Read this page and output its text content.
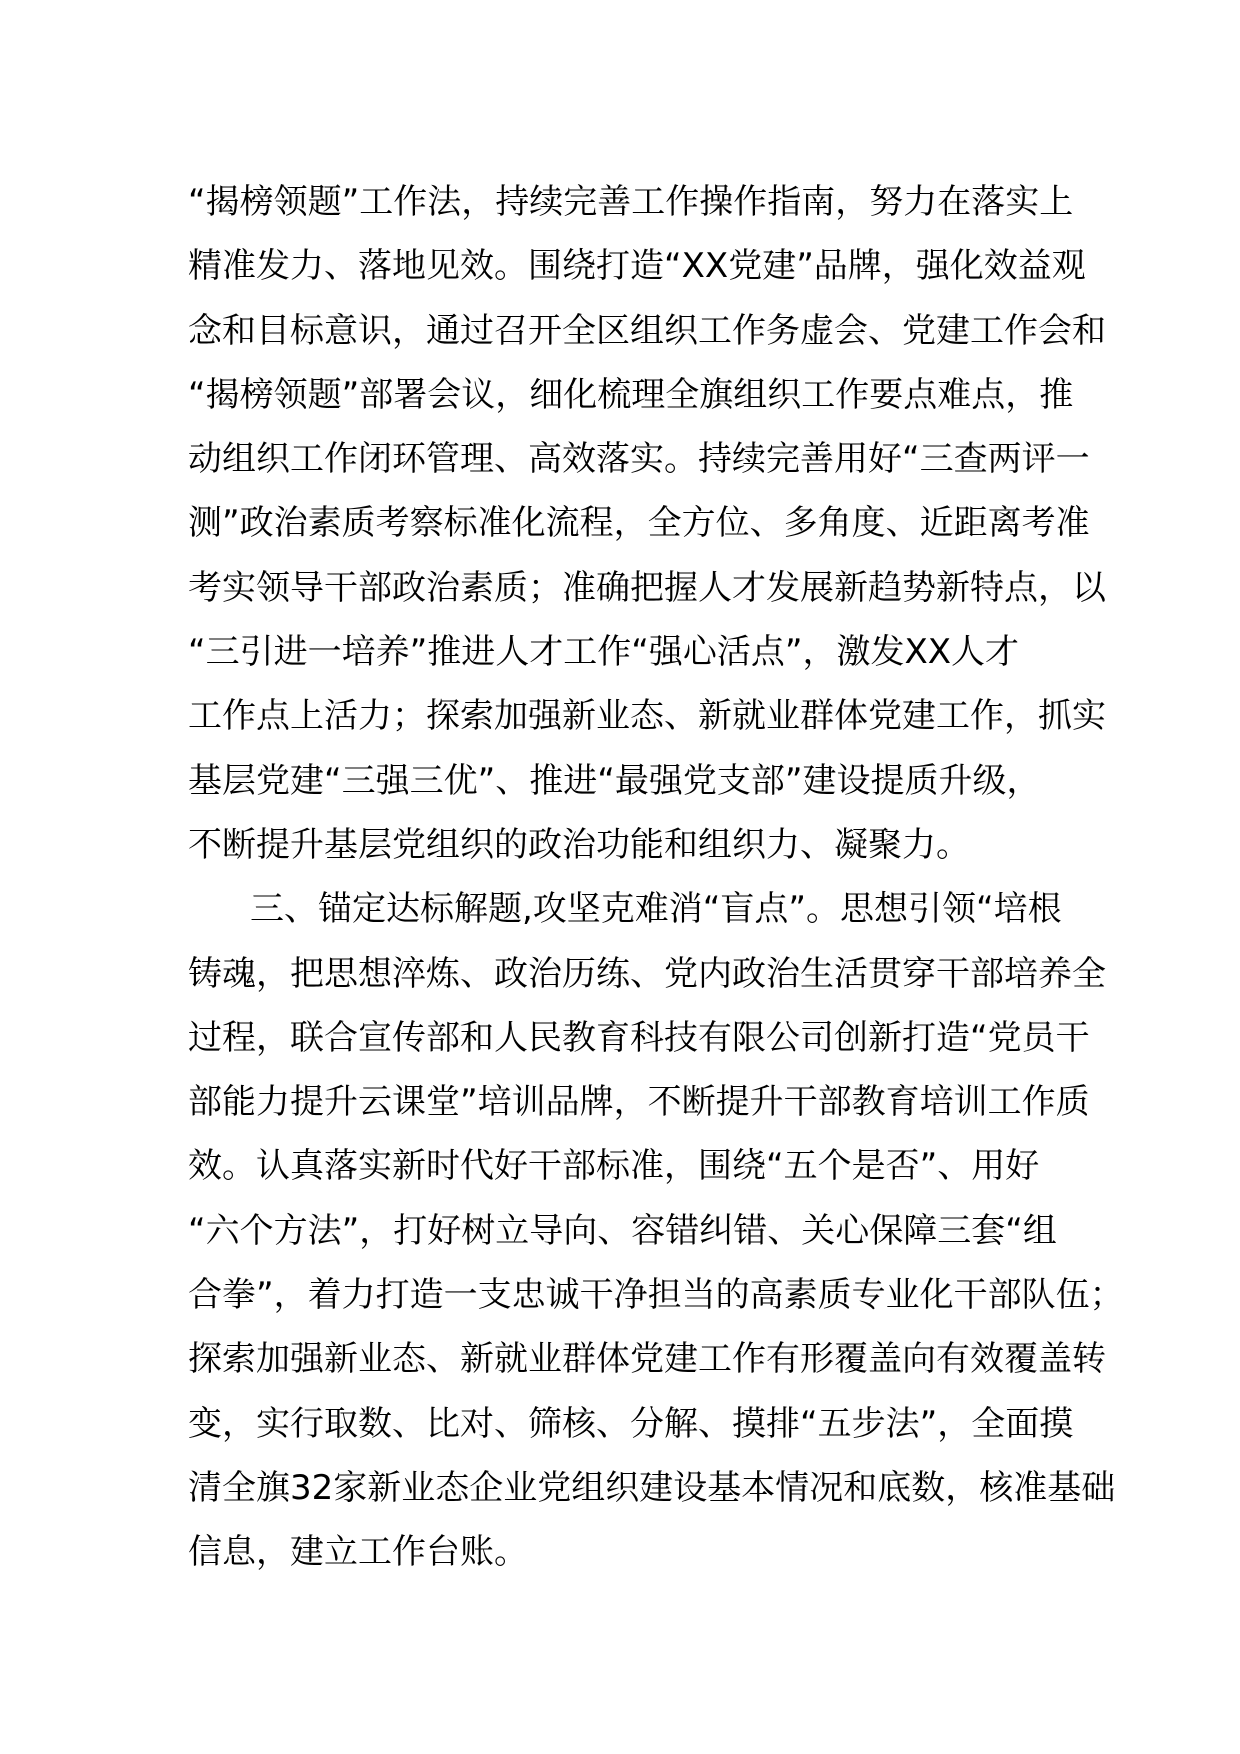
“揭榜领题”工作法，持续完善工作操作指南，努力在落实上
精准发力、落地见效。围绕打造“XX党建”品牌，强化效益观
念和目标意识，通过召开全区组织工作务虚会、党建工作会和
“揭榜领题”部署会议，细化梳理全旗组织工作要点难点，推
动组织工作闭环管理、高效落实。持续完善用好“三查两评一
测”政治素质考察标准化流程，全方位、多角度、近距离考准
考实领导干部政治素质；准确把握人才发展新趋势新特点，以
“三引进一培养”推进人才工作“强心活点”，激发XX人才
工作点上活力；探索加强新业态、新就业群体党建工作，抓实
基层党建“三强三优”、推进“最强党支部”建设提质升级，
不断提升基层党组织的政治功能和组织力、凝聚力。
三、锚定达标解题,攻坚克难消“盲点”。思想引领“培根
铸魂，把思想淬炼、政治历练、党内政治生活贯穿干部培养全
过程，联合宣传部和人民教育科技有限公司创新打造“党员干
部能力提升云课堂”培训品牌，不断提升干部教育培训工作质
效。认真落实新时代好干部标准，围绕“五个是否”、用好
“六个方法”，打好树立导向、容错纠错、关心保障三套“组
合拳”，着力打造一支忠诚干净担当的高素质专业化干部队伍；
探索加强新业态、新就业群体党建工作有形覆盖向有效覆盖转
变，实行取数、比对、筛核、分解、摸排“五步法”，全面摸
清全旗32家新业态企业党组织建设基本情况和底数，核准基础
信息，建立工作台账。
